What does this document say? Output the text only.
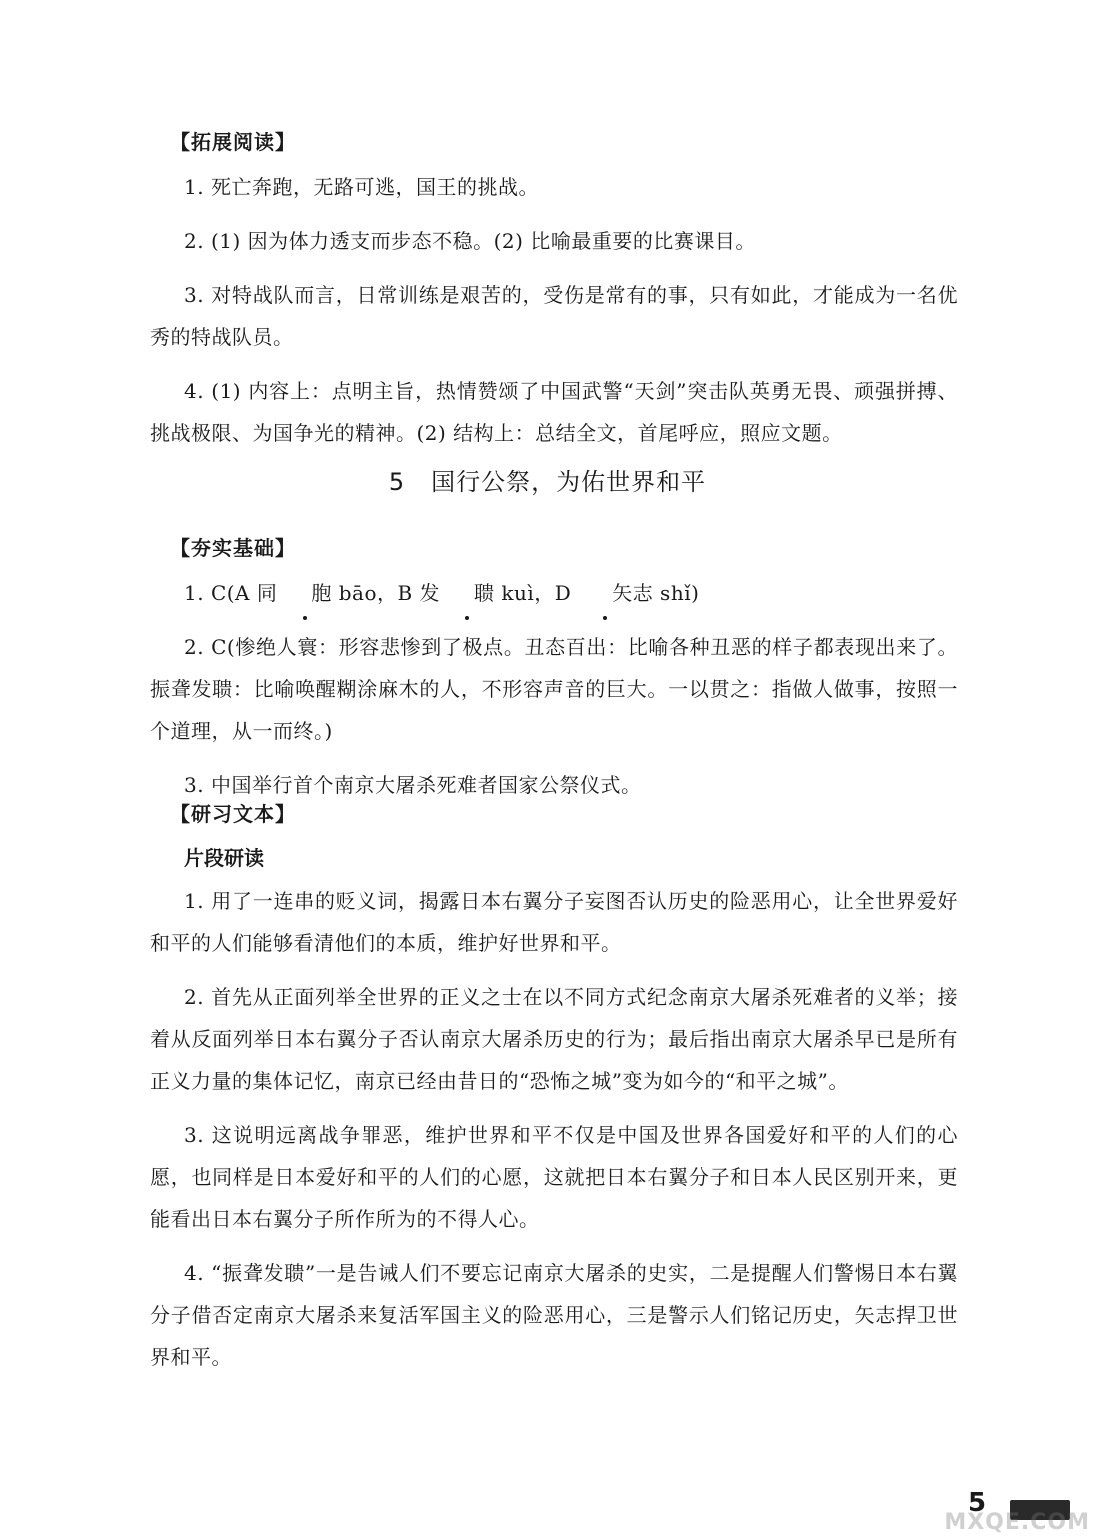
【拓展阅读】

1. 死亡奔跑，无路可逃，国王的挑战。

2. (1) 因为体力透支而步态不稳。(2) 比喻最重要的比赛课目。

3. 对特战队而言，日常训练是艰苦的，受伤是常有的事，只有如此，才能成为一名优秀的特战队员。

4. (1) 内容上：点明主旨，热情赞颂了中国武警“天剑”突击队英勇无畏、顽强拼搏、挑战极限、为国争光的精神。(2) 结构上：总结全文，首尾呼应，照应文题。

5 国行公祭，为佑世界和平

【夯实基础】

1. C(A 同 胞 bāo，B 发 聩 kuì，D 矢志 shǐ)

2. C(惨绝人寰：形容悲惨到了极点。丑态百出：比喻各种丑恶的样子都表现出来了。振聋发聩：比喻唤醒糊涂麻木的人，不形容声音的巨大。一以贯之：指做人做事，按照一个道理，从一而终。)

3. 中国举行首个南京大屠杀死难者国家公祭仪式。

【研习文本】

片段研读

1. 用了一连串的贬义词，揭露日本右翼分子妄图否认历史的险恶用心，让全世界爱好和平的人们能够看清他们的本质，维护好世界和平。

2. 首先从正面列举全世界的正义之士在以不同方式纪念南京大屠杀死难者的义举；接着从反面列举日本右翼分子否认南京大屠杀历史的行为；最后指出南京大屠杀早已是所有正义力量的集体记忆，南京已经由昔日的“恐怖之城”变为如今的“和平之城”。

3. 这说明远离战争罪恶，维护世界和平不仅是中国及世界各国爱好和平的人们的心愿，也同样是日本爱好和平的人们的心愿，这就把日本右翼分子和日本人民区别开来，更能看出日本右翼分子所作所为的不得人心。

4. “振聋发聩”一是告诫人们不要忘记南京大屠杀的史实，二是提醒人们警惕日本右翼分子借否定南京大屠杀来复活军国主义的险恶用心，三是警示人们铭记历史，矢志捍卫世界和平。

5
MXQE.COM
